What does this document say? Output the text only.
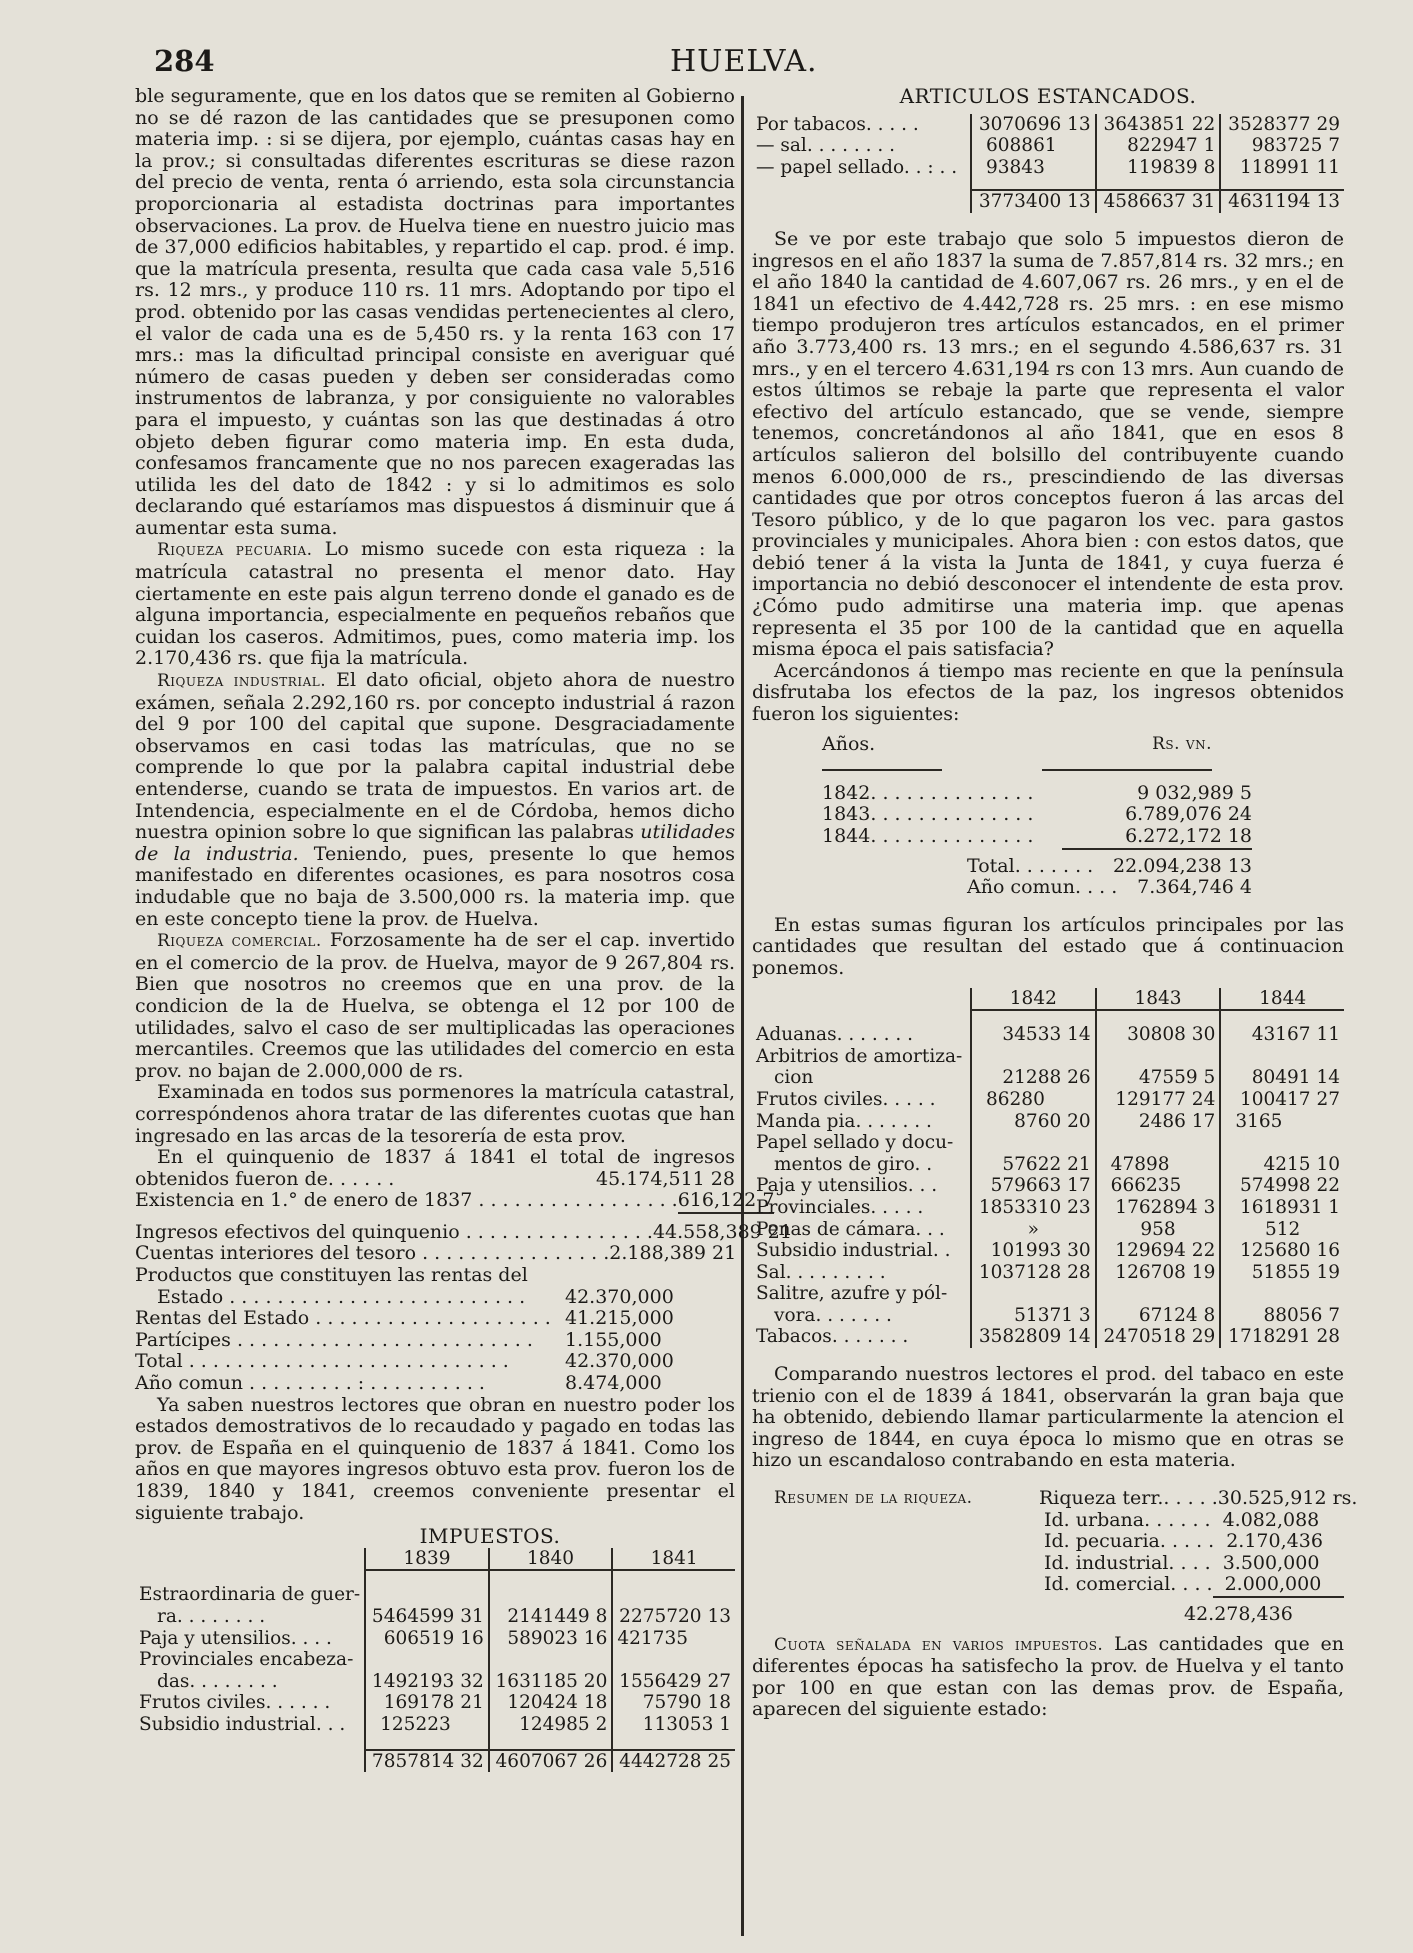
284	HUELVA.

ble seguramente, que en los datos que se remiten al Gobierno no se dé razon de las cantidades que se presuponen como materia imp. : si se dijera, por ejemplo, cuántas casas hay en la prov.; si consultadas diferentes escrituras se diese razon del precio de venta, renta ó arriendo, esta sola circunstancia proporcionaria al estadista doctrinas para importantes observaciones. La prov. de Huelva tiene en nuestro juicio mas de 37,000 edificios habitables, y repartido el cap. prod. é imp. que la matrícula presenta, resulta que cada casa vale 5,516 rs. 12 mrs., y produce 110 rs. 11 mrs. Adoptando por tipo el prod. obtenido por las casas vendidas pertenecientes al clero, el valor de cada una es de 5,450 rs. y la renta 163 con 17 mrs.: mas la dificultad principal consiste en averiguar qué número de casas pueden y deben ser consideradas como instrumentos de labranza, y por consiguiente no valorables para el impuesto, y cuántas son las que destinadas á otro objeto deben figurar como materia imp. En esta duda, confesamos francamente que no nos parecen exageradas las utilida les del dato de 1842 : y si lo admitimos es solo declarando qué estaríamos mas dispuestos á disminuir que á aumentar esta suma.

Riqueza pecuaria. Lo mismo sucede con esta riqueza : la matrícula catastral no presenta el menor dato. Hay ciertamente en este pais algun terreno donde el ganado es de alguna importancia, especialmente en pequeños rebaños que cuidan los caseros. Admitimos, pues, como materia imp. los 2.170,436 rs. que fija la matrícula.

Riqueza industrial. El dato oficial, objeto ahora de nuestro exámen, señala 2.292,160 rs. por concepto industrial á razon del 9 por 100 del capital que supone. Desgraciadamente observamos en casi todas las matrículas, que no se comprende lo que por la palabra capital industrial debe entenderse, cuando se trata de impuestos. En varios art. de Intendencia, especialmente en el de Córdoba, hemos dicho nuestra opinion sobre lo que significan las palabras utilidades de la industria. Teniendo, pues, presente lo que hemos manifestado en diferentes ocasiones, es para nosotros cosa indudable que no baja de 3.500,000 rs. la materia imp. que en este concepto tiene la prov. de Huelva.

Riqueza comercial. Forzosamente ha de ser el cap. invertido en el comercio de la prov. de Huelva, mayor de 9 267,804 rs. Bien que nosotros no creemos que en una prov. de la condicion de la de Huelva, se obtenga el 12 por 100 de utilidades, salvo el caso de ser multiplicadas las operaciones mercantiles. Creemos que las utilidades del comercio en esta prov. no bajan de 2.000,000 de rs.

Examinada en todos sus pormenores la matrícula catastral, correspóndenos ahora tratar de las diferentes cuotas que han ingresado en las arcas de la tesorería de esta prov.

En el quinquenio de 1837 á 1841 el total de ingresos obtenidos fueron de. . . . . .	45.174,511 28

Existencia en 1.° de enero de 1837 . . . . . . . . . . . . . . . . . 616,122 7
Ingresos efectivos del quinquenio . . . . . . . . . . . . . . . . 44.558,389 21
Cuentas interiores del tesoro . . . . . . . . . . . . . . . . 2.188,389 21
Productos que constituyen las rentas del
Estado . . . . . . . . . . . . . . . . . . . . . . . . .	42.370,000
Rentas del Estado . . . . . . . . . . . . . . . . . . . . 41.215,000
Partícipes . . . . . . . . . . . . . . . . . . . . . . . . .	1.155,000
Total . . . . . . . . . . . . . . . . . . . . . . . . . . .	42.370,000
Año comun . . . . . . . . . : . . . . . . . . . .	8.474,000

Ya saben nuestros lectores que obran en nuestro poder los estados demostrativos de lo recaudado y pagado en todas las prov. de España en el quinquenio de 1837 á 1841. Como los años en que mayores ingresos obtuvo esta prov. fueron los de 1839, 1840 y 1841, creemos conveniente presentar el siguiente trabajo.

IMPUESTOS.
	1839	1840	1841

Estraordinaria de guer-			
ra. . . . . . . .	5464599 31	2141449 8	2275720 13
Paja y utensilios. . . .	606519 16	589023 16	421735
Provinciales encabeza-			
das. . . . . . . .	1492193 32	1631185 20	1556429 27
Frutos civiles. . . . . .	169178 21	120424 18	75790 18
Subsidio industrial. . .	125223	124985 2	113053 1

	7857814 32	4607067 26	4442728 25
ARTICULOS ESTANCADOS.
Por tabacos. . . . .	3070696 13	3643851 22	3528377 29
— sal. . . . . . . .	608861	822947 1	983725 7
— papel sellado. . : . .	93843	119839 8	118991 11

	3773400 13	4586637 31	4631194 13

Se ve por este trabajo que solo 5 impuestos dieron de ingresos en el año 1837 la suma de 7.857,814 rs. 32 mrs.; en el año 1840 la cantidad de 4.607,067 rs. 26 mrs., y en el de 1841 un efectivo de 4.442,728 rs. 25 mrs. : en ese mismo tiempo produjeron tres artículos estancados, en el primer año 3.773,400 rs. 13 mrs.; en el segundo 4.586,637 rs. 31 mrs., y en el tercero 4.631,194 rs con 13 mrs. Aun cuando de estos últimos se rebaje la parte que representa el valor efectivo del artículo estancado, que se vende, siempre tenemos, concretándonos al año 1841, que en esos 8 artículos salieron del bolsillo del contribuyente cuando menos 6.000,000 de rs., prescindiendo de las diversas cantidades que por otros conceptos fueron á las arcas del Tesoro público, y de lo que pagaron los vec. para gastos provinciales y municipales. Ahora bien : con estos datos, que debió tener á la vista la Junta de 1841, y cuya fuerza é importancia no debió desconocer el intendente de esta prov. ¿Cómo pudo admitirse una materia imp. que apenas representa el 35 por 100 de la cantidad que en aquella misma época el pais satisfacia?

Acercándonos á tiempo mas reciente en que la península disfrutaba los efectos de la paz, los ingresos obtenidos fueron los siguientes:

Años.	Rs. vn.
1842. . . . . . . . . . . . . .	9 032,989 5
1843. . . . . . . . . . . . . .	6.789,076 24
1844. . . . . . . . . . . . . .	6.272,172 18
Total. . . . . . .	22.094,238 13
Año comun. . . .	7.364,746 4

En estas sumas figuran los artículos principales por las cantidades que resultan del estado que á continuacion ponemos.

	1842	1843	1844

Aduanas. . . . . . .	34533 14	30808 30	43167 11
Arbitrios de amortiza-			
cion	21288 26	47559 5	80491 14
Frutos civiles. . . . .	86280	129177 24	100417 27
Manda pia. . . . . . .	8760 20	2486 17	3165
Papel sellado y docu-			
mentos de giro. .	57622 21	47898	4215 10
Paja y utensilios. . .	579663 17	666235	574998 22
Provinciales. . . . .	1853310 23	1762894 3	1618931 1
Penas de cámara. . .	»	958	512
Subsidio industrial. .	101993 30	129694 22	125680 16
Sal. . . . . . . . .	1037128 28	126708 19	51855 19
Salitre, azufre y pól-			
vora. . . . . . .	51371 3	67124 8	88056 7
Tabacos. . . . . . .	3582809 14	2470518 29	1718291 28

Comparando nuestros lectores el prod. del tabaco en este trienio con el de 1839 á 1841, observarán la gran baja que ha obtenido, debiendo llamar particularmente la atencion el ingreso de 1844, en cuya época lo mismo que en otras se hizo un escandaloso contrabando en esta materia.

Resumen de la riqueza.	Riqueza terr.. . . . . 30.525,912 rs.
Id. urbana. . . . . . 4.082,088
Id. pecuaria. . . . . 2.170,436
Id. industrial. . . . 3.500,000
Id. comercial. . . . 2.000,000
42.278,436

Cuota señalada en varios impuestos. Las cantidades que en diferentes épocas ha satisfecho la prov. de Huelva y el tanto por 100 en que estan con las demas prov. de España, aparecen del siguiente estado:
